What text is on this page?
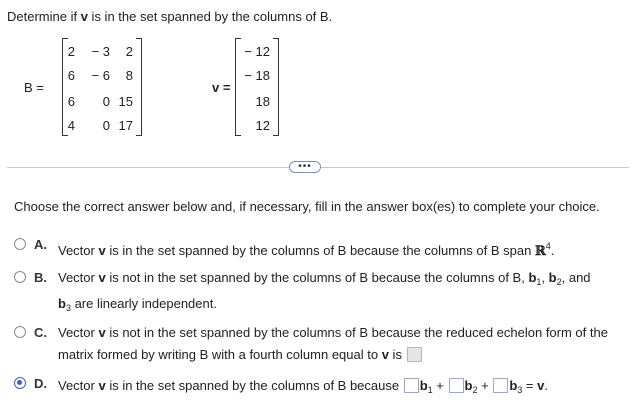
Determine if v is in the set spanned by the columns of B.
B =
2 − 3 2
6 − 6 8
6 0 15
4 0 17
v =
− 12
− 18
18
12
•••
Choose the correct answer below and, if necessary, fill in the answer box(es) to complete your choice.
A. Vector v is in the set spanned by the columns of B because the columns of B span ℝ$^4$.
B. Vector v is not in the set spanned by the columns of B because the columns of B, $b_1$, $b_2$, and
$b_3$ are linearly independent.
C. Vector v is not in the set spanned by the columns of B because the reduced echelon form of the
matrix formed by writing B with a fourth column equal to v is
D. Vector v is in the set spanned by the columns of B because $b_1 + b_2 + b_3 = v$.
